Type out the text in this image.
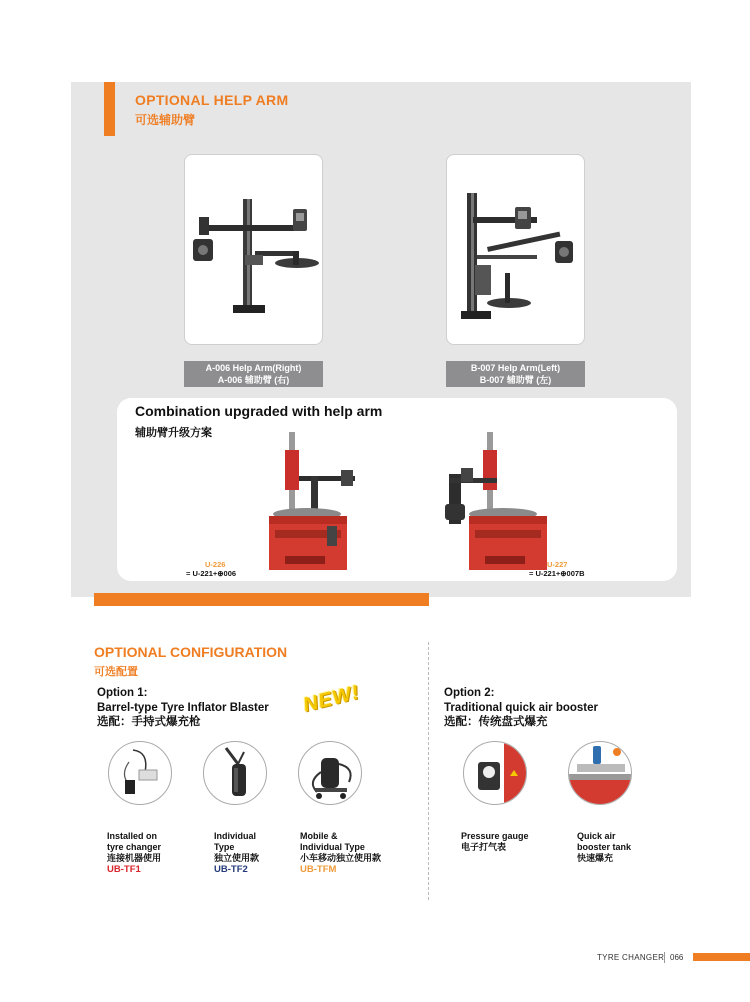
OPTIONAL HELP ARM
可选辅助臂
A-006 Help Arm(Right)
A-006 辅助臂 (右)
B-007 Help Arm(Left)
B-007 辅助臂 (左)
Combination upgraded with help arm
辅助臂升级方案
U-226
= U-221+⊕006
U-227
= U-221+⊕007B
OPTIONAL CONFIGURATION
可选配置
Option 1:
Barrel-type Tyre Inflator Blaster
选配：手持式爆充枪
NEW!
Installed on
tyre changer
连接机器使用
UB-TF1
Individual
Type
独立使用款
UB-TF2
Mobile &
Individual Type
小车移动独立使用款
UB-TFM
Option 2:
Traditional quick air booster
选配：传统盘式爆充
Pressure gauge
电子打气表
Quick air
booster tank
快速爆充
TYRE CHANGER 066
